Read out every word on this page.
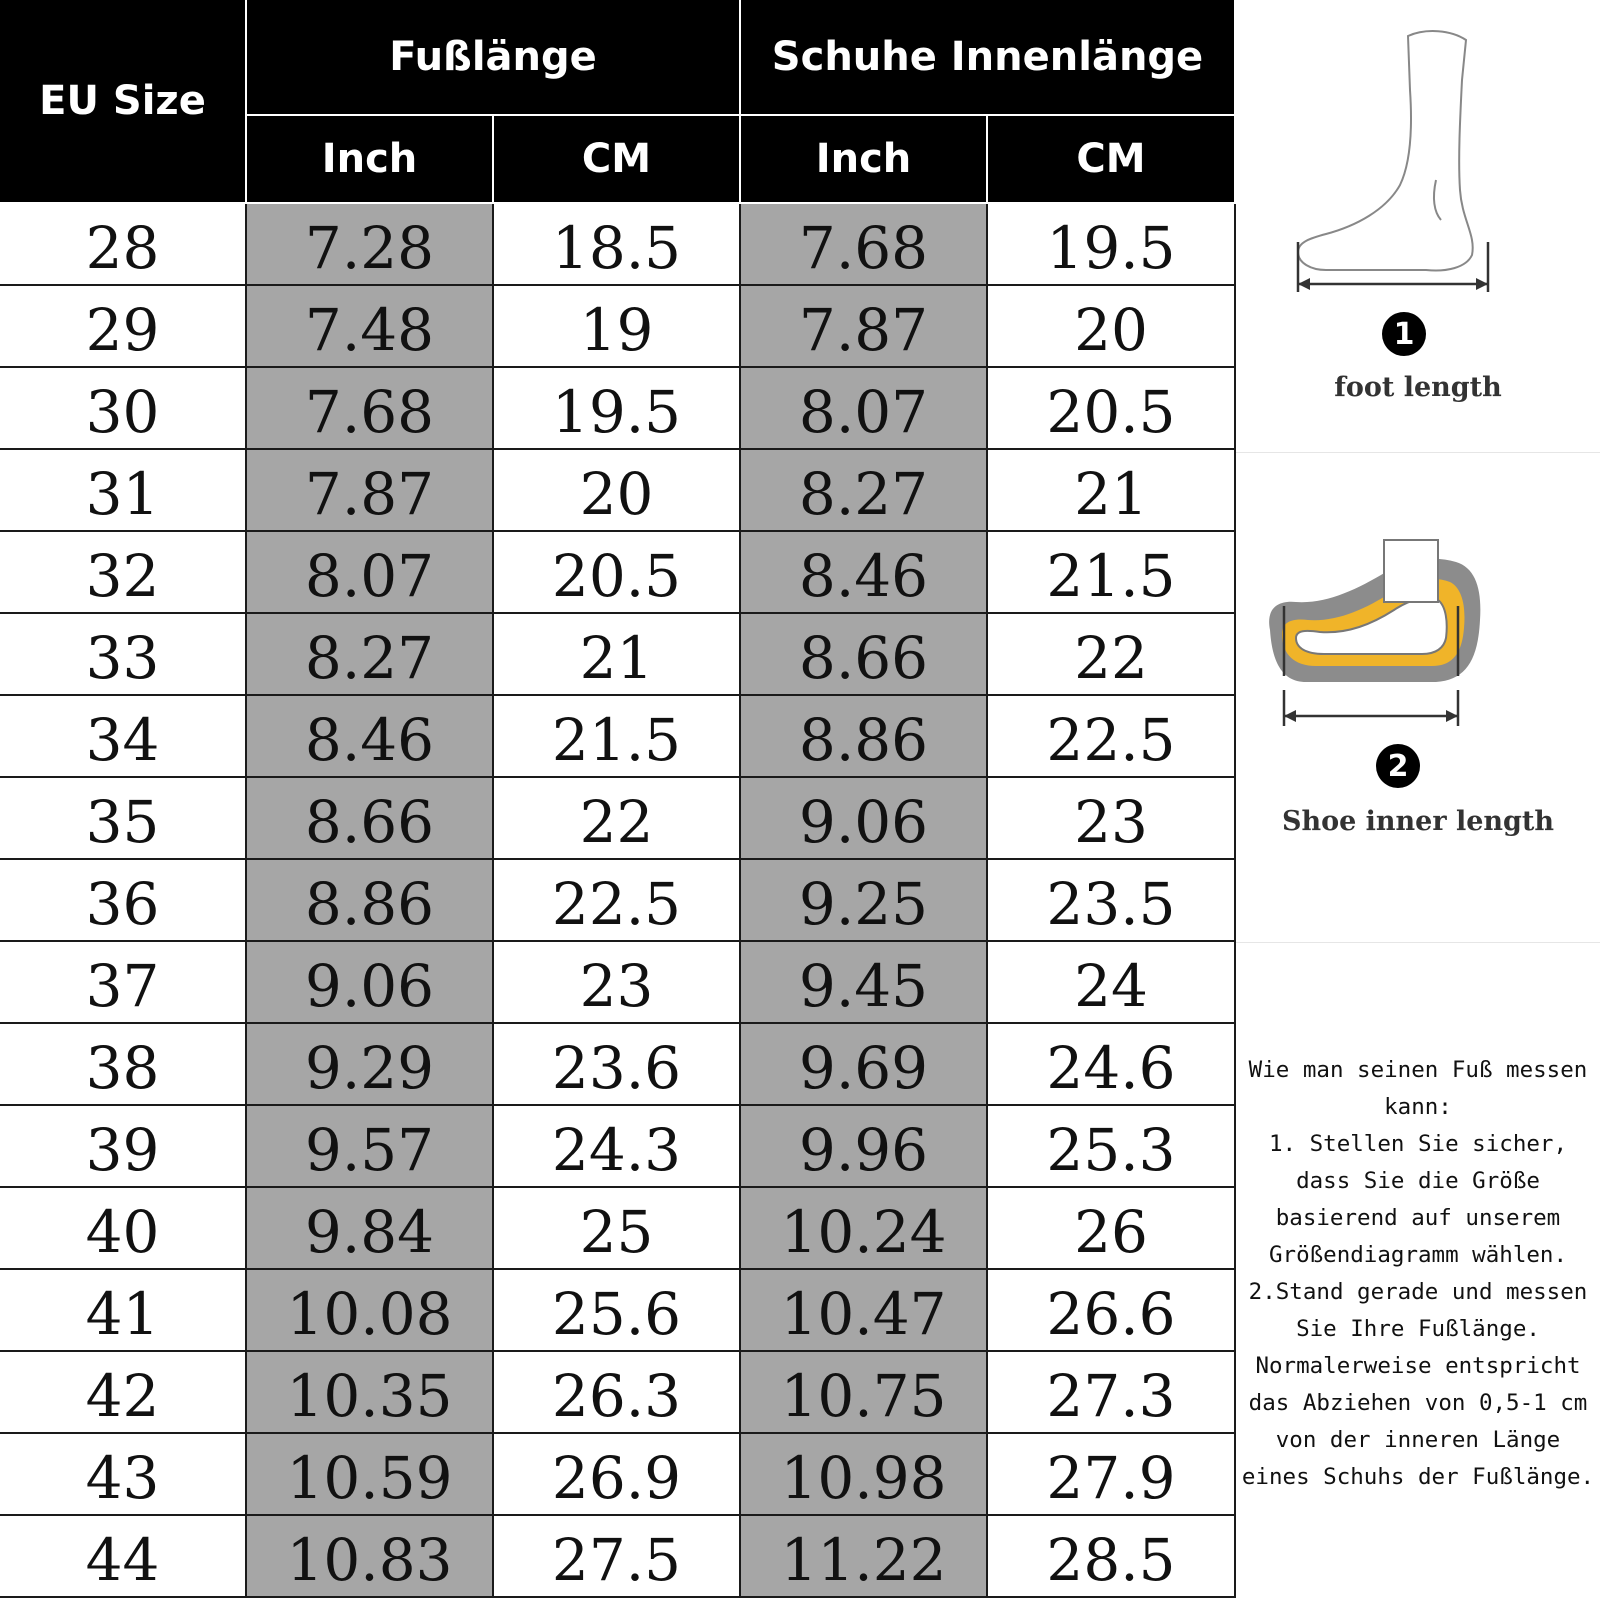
EU Size
Fußlänge	Schuhe Innenlänge
Inch	CM	Inch	CM
28	7.28	18.5	7.68	19.5
29	7.48	19	7.87	20
30	7.68	19.5	8.07	20.5
31	7.87	20	8.27	21
32	8.07	20.5	8.46	21.5
33	8.27	21	8.66	22
34	8.46	21.5	8.86	22.5
35	8.66	22	9.06	23
36	8.86	22.5	9.25	23.5
37	9.06	23	9.45	24
38	9.29	23.6	9.69	24.6
39	9.57	24.3	9.96	25.3
40	9.84	25	10.24	26
41	10.08	25.6	10.47	26.6
42	10.35	26.3	10.75	27.3
43	10.59	26.9	10.98	27.9
44	10.83	27.5	11.22	28.5
1
foot length
2
Shoe inner length
Wie man seinen Fuß messen kann:
1. Stellen Sie sicher, dass Sie die Größe basierend auf unserem Größendiagramm wählen.
2.Stand gerade und messen Sie Ihre Fußlänge. Normalerweise entspricht das Abziehen von 0,5-1 cm von der inneren Länge eines Schuhs der Fußlänge.
